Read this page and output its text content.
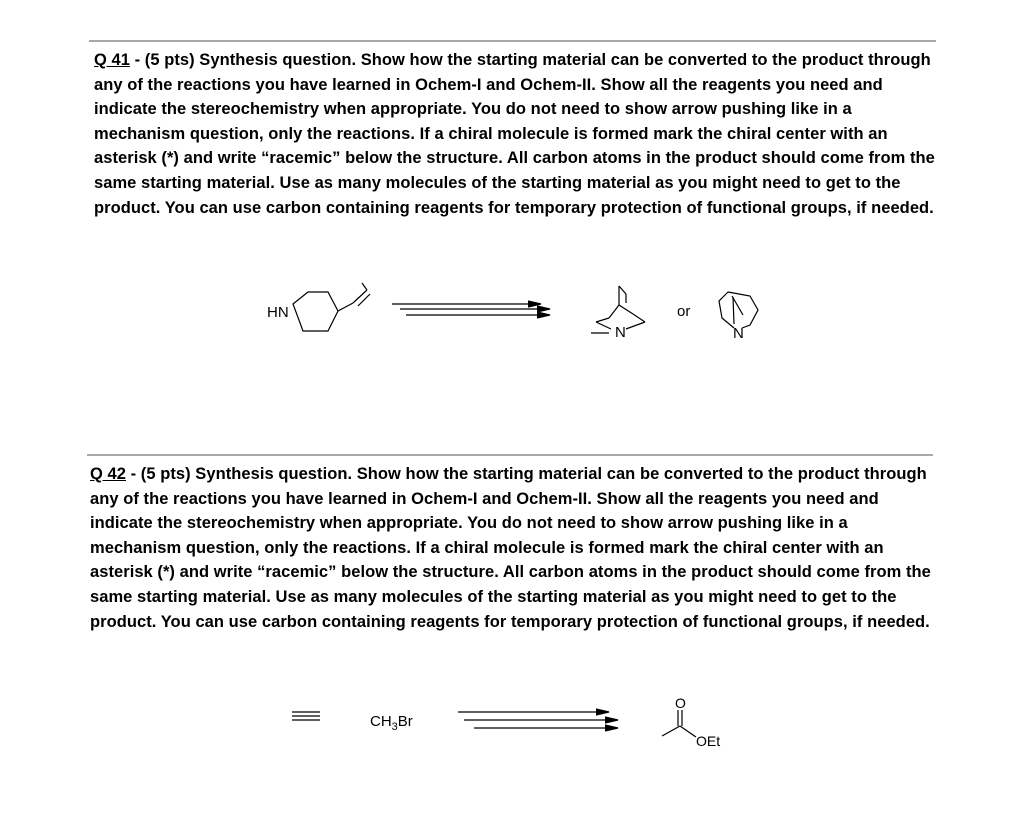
Q 41 - (5 pts) Synthesis question. Show how the starting material can be converted to the product through any of the reactions you have learned in Ochem-I and Ochem-II. Show all the reagents you need and indicate the stereochemistry when appropriate. You do not need to show arrow pushing like in a mechanism question, only the reactions. If a chiral molecule is formed mark the chiral center with an asterisk (*) and write “racemic” below the structure. All carbon atoms in the product should come from the same starting material. Use as many molecules of the starting material as you might need to get to the product. You can use carbon containing reagents for temporary protection of functional groups, if needed.
HN
N
or
N
Q 42 - (5 pts) Synthesis question. Show how the starting material can be converted to the product through any of the reactions you have learned in Ochem-I and Ochem-II. Show all the reagents you need and indicate the stereochemistry when appropriate. You do not need to show arrow pushing like in a mechanism question, only the reactions. If a chiral molecule is formed mark the chiral center with an asterisk (*) and write “racemic” below the structure. All carbon atoms in the product should come from the same starting material. Use as many molecules of the starting material as you might need to get to the product. You can use carbon containing reagents for temporary protection of functional groups, if needed.
$CH_3Br$
O
OEt
